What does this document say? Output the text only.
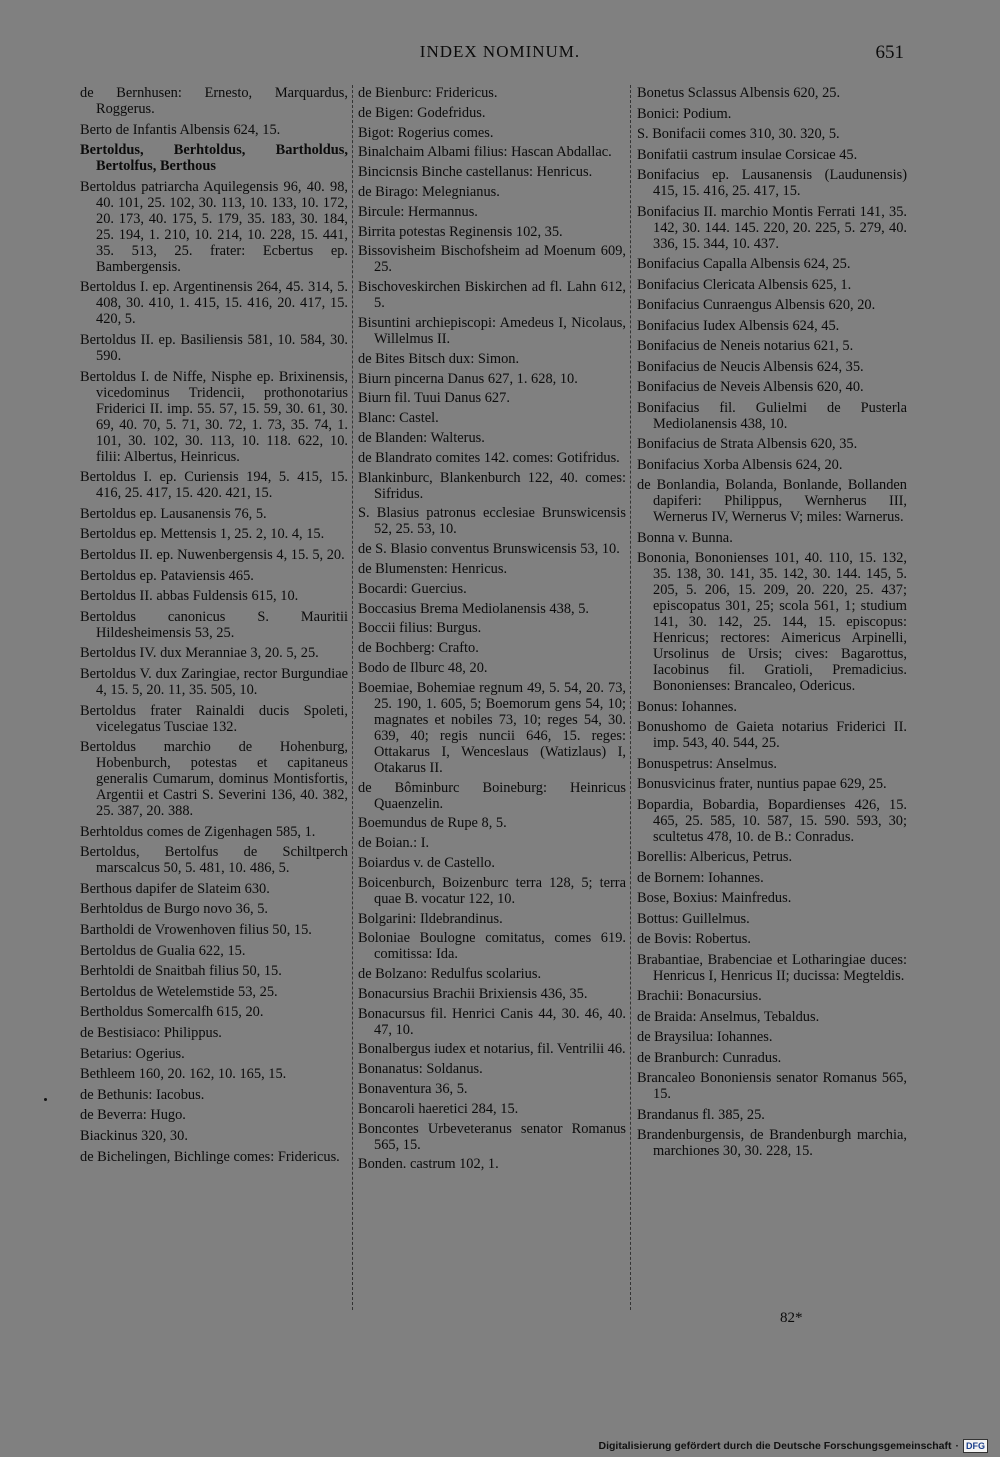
INDEX NOMINUM.	651
de Bernhusen: Ernesto, Marquardus, Roggerus.
Berto de Infantis Albensis 624, 15.
Bertoldus, Berhtoldus, Bartholdus, Bertolfus, Berthous
Bertoldus patriarcha Aquilegensis 96, 40. 98, 40. 101, 25. 102, 30. 113, 10. 133, 10. 172, 20. 173, 40. 175, 5. 179, 35. 183, 30. 184, 25. 194, 1. 210, 10. 214, 10. 228, 15. 441, 35. 513, 25. frater: Ecbertus ep. Bambergensis.
Bertoldus I. ep. Argentinensis 264, 45. 314, 5. 408, 30. 410, 1. 415, 15. 416, 20. 417, 15. 420, 5.
Bertoldus II. ep. Basiliensis 581, 10. 584, 30. 590.
Bertoldus I. de Niffe, Nisphe ep. Brixinensis, vicedominus Tridencii, prothonotarius Friderici II. imp. 55. 57, 15. 59, 30. 61, 30. 69, 40. 70, 5. 71, 30. 72, 1. 73, 35. 74, 1. 101, 30. 102, 30. 113, 10. 118. 622, 10. filii: Albertus, Heinricus.
Bertoldus I. ep. Curiensis 194, 5. 415, 15. 416, 25. 417, 15. 420. 421, 15.
Bertoldus ep. Lausanensis 76, 5.
Bertoldus ep. Mettensis 1, 25. 2, 10. 4, 15.
Bertoldus II. ep. Nuwenbergensis 4, 15. 5, 20.
Bertoldus ep. Pataviensis 465.
Bertoldus II. abbas Fuldensis 615, 10.
Bertoldus canonicus S. Mauritii Hildesheimensis 53, 25.
Bertoldus IV. dux Meranniae 3, 20. 5, 25.
Bertoldus V. dux Zaringiae, rector Burgundiae 4, 15. 5, 20. 11, 35. 505, 10.
Bertoldus frater Rainaldi ducis Spoleti, vicelegatus Tusciae 132.
Bertoldus marchio de Hohenburg, Hobenburch, potestas et capitaneus generalis Cumarum, dominus Montisfortis, Argentii et Castri S. Severini 136, 40. 382, 25. 387, 20. 388.
Berhtoldus comes de Zigenhagen 585, 1.
Bertoldus, Bertolfus de Schiltperch marscalcus 50, 5. 481, 10. 486, 5.
Berthous dapifer de Slateim 630.
Berhtoldus de Burgo novo 36, 5.
Bartholdi de Vrowenhoven filius 50, 15.
Bertoldus de Gualia 622, 15.
Berhtoldi de Snaitbah filius 50, 15.
Bertoldus de Wetelemstide 53, 25.
Bertholdus Somercalfh 615, 20.
de Bestisiaco: Philippus.
Betarius: Ogerius.
Bethleem 160, 20. 162, 10. 165, 15.
de Bethunis: Iacobus.
de Beverra: Hugo.
Biackinus 320, 30.
de Bichelingen, Bichlinge comes: Fridericus.
de Bienburc: Fridericus.
de Bigen: Godefridus.
Bigot: Rogerius comes.
Binalchaim Albami filius: Hascan Abdallac.
Bincicnsis Binche castellanus: Henricus.
de Birago: Melegnianus.
Bircule: Hermannus.
Birrita potestas Reginensis 102, 35.
Bissovisheim Bischofsheim ad Moenum 609, 25.
Bischoveskirchen Biskirchen ad fl. Lahn 612, 5.
Bisuntini archiepiscopi: Amedeus I, Nicolaus, Willelmus II.
de Bites Bitsch dux: Simon.
Biurn pincerna Danus 627, 1. 628, 10.
Biurn fil. Tuui Danus 627.
Blanc: Castel.
de Blanden: Walterus.
de Blandrato comites 142. comes: Gotifridus.
Blankinburc, Blankenburch 122, 40. comes: Sifridus.
S. Blasius patronus ecclesiae Brunswicensis 52, 25. 53, 10.
de S. Blasio conventus Brunswicensis 53, 10.
de Blumensten: Henricus.
Bocardi: Guercius.
Boccasius Brema Mediolanensis 438, 5.
Boccii filius: Burgus.
de Bochberg: Crafto.
Bodo de Ilburc 48, 20.
Boemiae, Bohemiae regnum 49, 5. 54, 20. 73, 25. 190, 1. 605, 5; Boemorum gens 54, 10; magnates et nobiles 73, 10; reges 54, 30. 639, 40; regis nuncii 646, 15. reges: Ottakarus I, Wenceslaus (Watizlaus) I, Otakarus II.
de Bôminburc Boineburg: Heinricus Quaenzelin.
Boemundus de Rupe 8, 5.
de Boian.: I.
Boiardus v. de Castello.
Boicenburch, Boizenburc terra 128, 5; terra quae B. vocatur 122, 10.
Bolgarini: Ildebrandinus.
Boloniae Boulogne comitatus, comes 619. comitissa: Ida.
de Bolzano: Redulfus scolarius.
Bonacursius Brachii Brixiensis 436, 35.
Bonacursus fil. Henrici Canis 44, 30. 46, 40. 47, 10.
Bonalbergus iudex et notarius, fil. Ventrilii 46.
Bonanatus: Soldanus.
Bonaventura 36, 5.
Boncaroli haeretici 284, 15.
Boncontes Urbeveteranus senator Romanus 565, 15.
Bonden. castrum 102, 1.
Bonetus Sclassus Albensis 620, 25.
Bonici: Podium.
S. Bonifacii comes 310, 30. 320, 5.
Bonifatii castrum insulae Corsicae 45.
Bonifacius ep. Lausanensis (Laudunensis) 415, 15. 416, 25. 417, 15.
Bonifacius II. marchio Montis Ferrati 141, 35. 142, 30. 144. 145. 220, 20. 225, 5. 279, 40. 336, 15. 344, 10. 437.
Bonifacius Capalla Albensis 624, 25.
Bonifacius Clericata Albensis 625, 1.
Bonifacius Cunraengus Albensis 620, 20.
Bonifacius Iudex Albensis 624, 45.
Bonifacius de Neneis notarius 621, 5.
Bonifacius de Neucis Albensis 624, 35.
Bonifacius de Neveis Albensis 620, 40.
Bonifacius fil. Gulielmi de Pusterla Mediolanensis 438, 10.
Bonifacius de Strata Albensis 620, 35.
Bonifacius Xorba Albensis 624, 20.
de Bonlandia, Bolanda, Bonlande, Bollanden dapiferi: Philippus, Wernherus III, Wernerus IV, Wernerus V; miles: Warnerus.
Bonna v. Bunna.
Bononia, Bononienses 101, 40. 110, 15. 132, 35. 138, 30. 141, 35. 142, 30. 144. 145, 5. 205, 5. 206, 15. 209, 20. 220, 25. 437; episcopatus 301, 25; scola 561, 1; studium 141, 30. 142, 25. 144, 15. episcopus: Henricus; rectores: Aimericus Arpinelli, Ursolinus de Ursis; cives: Bagarottus, Iacobinus fil. Gratioli, Premadicius. Bononienses: Brancaleo, Odericus.
Bonus: Iohannes.
Bonushomo de Gaieta notarius Friderici II. imp. 543, 40. 544, 25.
Bonuspetrus: Anselmus.
Bonusvicinus frater, nuntius papae 629, 25.
Bopardia, Bobardia, Bopardienses 426, 15. 465, 25. 585, 10. 587, 15. 590. 593, 30; scultetus 478, 10. de B.: Conradus.
Borellis: Albericus, Petrus.
de Bornem: Iohannes.
Bose, Boxius: Mainfredus.
Bottus: Guillelmus.
de Bovis: Robertus.
Brabantiae, Brabenciae et Lotharingiae duces: Henricus I, Henricus II; ducissa: Megteldis.
Brachii: Bonacursius.
de Braida: Anselmus, Tebaldus.
de Braysilua: Iohannes.
de Branburch: Cunradus.
Brancaleo Bononiensis senator Romanus 565, 15.
Brandanus fl. 385, 25.
Brandenburgensis, de Brandenburgh marchia, marchiones 30, 30. 228, 15.
82*
Digitalisierung gefördert durch die Deutsche Forschungsgemeinschaft · DFG
